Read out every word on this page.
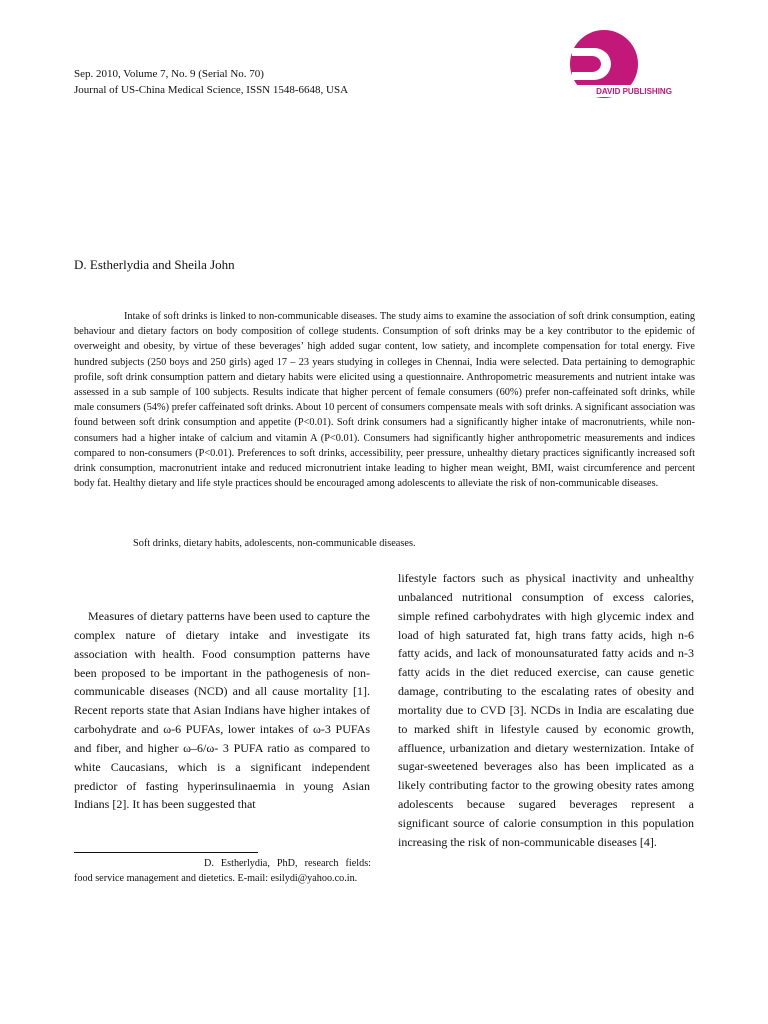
Sep. 2010, Volume 7, No. 9 (Serial No. 70)
Journal of US-China Medical Science, ISSN 1548-6648, USA	DAVID PUBLISHING
D. Estherlydia and Sheila John

Intake of soft drinks is linked to non-communicable diseases. The study aims to examine the association of soft drink consumption, eating behaviour and dietary factors on body composition of college students. Consumption of soft drinks may be a key contributor to the epidemic of overweight and obesity, by virtue of these beverages’ high added sugar content, low satiety, and incomplete compensation for total energy. Five hundred subjects (250 boys and 250 girls) aged 17 – 23 years studying in colleges in Chennai, India were selected. Data pertaining to demographic profile, soft drink consumption pattern and dietary habits were elicited using a questionnaire. Anthropometric measurements and nutrient intake was assessed in a sub sample of 100 subjects. Results indicate that higher percent of female consumers (60%) prefer non-caffeinated soft drinks, while male consumers (54%) prefer caffeinated soft drinks. About 10 percent of consumers compensate meals with soft drinks. A significant association was found between soft drink consumption and appetite (P<0.01). Soft drink consumers had a significantly higher intake of macronutrients, while non-consumers had a higher intake of calcium and vitamin A (P<0.01). Consumers had significantly higher anthropometric measurements and indices compared to non-consumers (P<0.01). Preferences to soft drinks, accessibility, peer pressure, unhealthy dietary practices significantly increased soft drink consumption, macronutrient intake and reduced micronutrient intake leading to higher mean weight, BMI, waist circumference and percent body fat. Healthy dietary and life style practices should be encouraged among adolescents to alleviate the risk of non-communicable diseases.

Soft drinks, dietary habits, adolescents, non-communicable diseases.

Measures of dietary patterns have been used to capture the complex nature of dietary intake and investigate its association with health. Food consumption patterns have been proposed to be important in the pathogenesis of non-communicable diseases (NCD) and all cause mortality [1]. Recent reports state that Asian Indians have higher intakes of carbohydrate and ω-6 PUFAs, lower intakes of ω-3 PUFAs and fiber, and higher ω–6/ω- 3 PUFA ratio as compared to white Caucasians, which is a significant independent predictor of fasting hyperinsulinaemia in young Asian Indians [2]. It has been suggested that

lifestyle factors such as physical inactivity and unhealthy unbalanced nutritional consumption of excess calories, simple refined carbohydrates with high glycemic index and load of high saturated fat, high trans fatty acids, high n-6 fatty acids, and lack of monounsaturated fatty acids and n-3 fatty acids in the diet reduced exercise, can cause genetic damage, contributing to the escalating rates of obesity and mortality due to CVD [3]. NCDs in India are escalating due to marked shift in lifestyle caused by economic growth, affluence, urbanization and dietary westernization. Intake of sugar-sweetened beverages also has been implicated as a likely contributing factor to the growing obesity rates among adolescents because sugared beverages represent a significant source of calorie consumption in this population increasing the risk of non-communicable diseases [4].

D. Estherlydia, PhD, research fields: food service management and dietetics. E-mail: esilydi@yahoo.co.in.
